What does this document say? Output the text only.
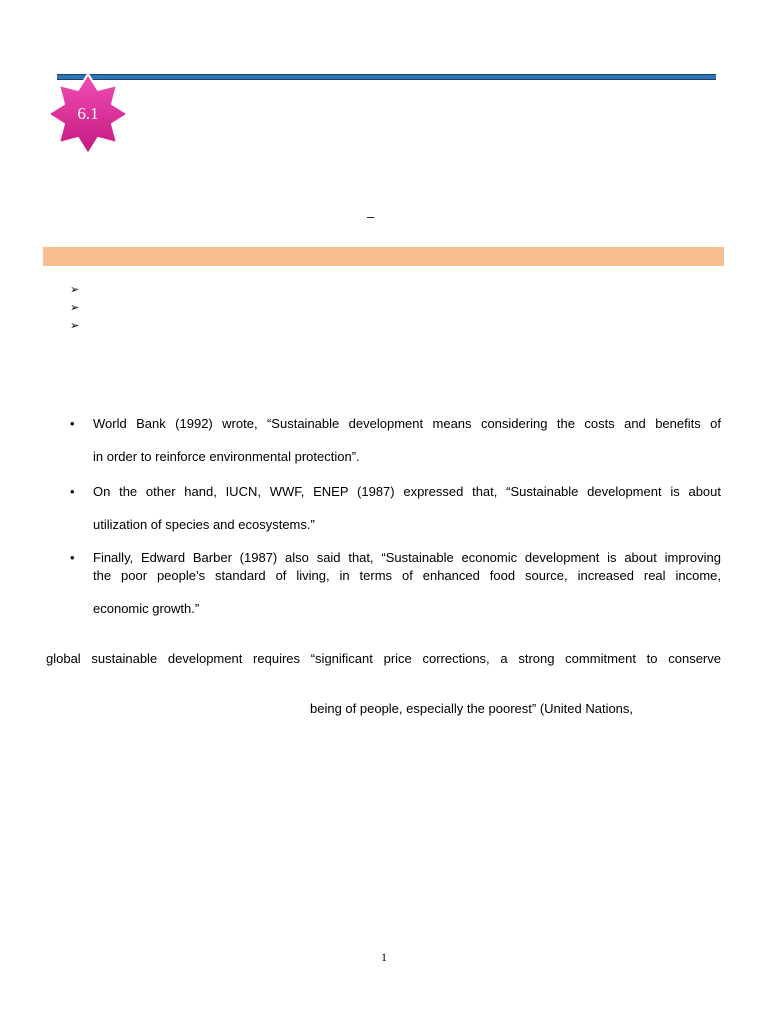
6.1
–
➢
➢
➢
• World Bank (1992) wrote, “Sustainable development means considering the costs and benefits of
in order to reinforce environmental protection”.
• On the other hand, IUCN, WWF, ENEP (1987) expressed that, “Sustainable development is about
utilization of species and ecosystems.”
• Finally, Edward Barber (1987) also said that, “Sustainable economic development is about improving
the poor people’s standard of living, in terms of enhanced food source, increased real income,
economic growth.”
global sustainable development requires “significant price corrections, a strong commitment to conserve
being of people, especially the poorest” (United Nations,
1
